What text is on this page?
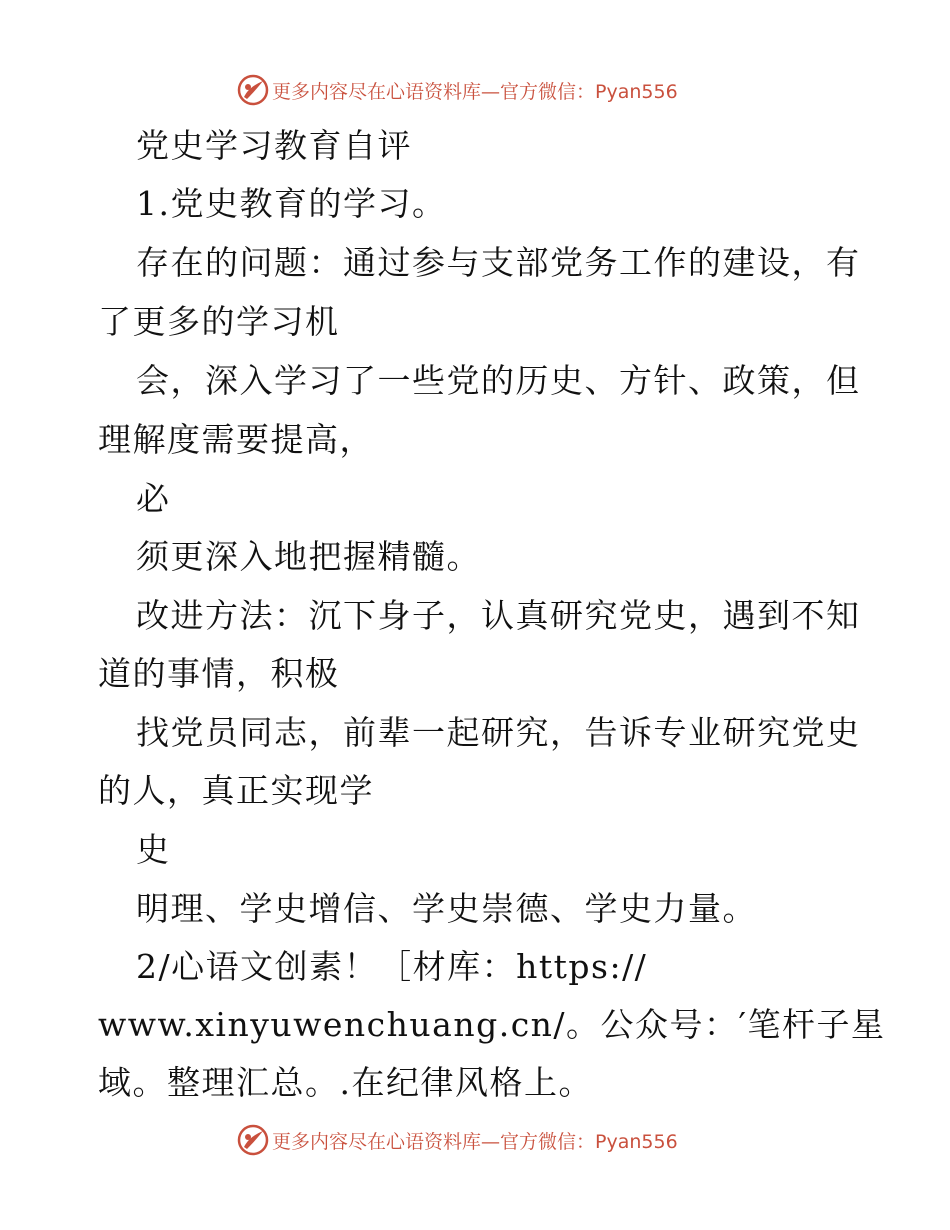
更多内容尽在心语资料库—官方微信：Pyan556
党史学习教育自评
1.党史教育的学习。
存在的问题：通过参与支部党务工作的建设，有
了更多的学习机
会，深入学习了一些党的历史、方针、政策，但
理解度需要提高，
必
须更深入地把握精髓。
改进方法：沉下身子，认真研究党史，遇到不知
道的事情，积极
找党员同志，前辈一起研究，告诉专业研究党史
的人，真正实现学
史
明理、学史增信、学史崇德、学史力量。
2/心语文创素！［材库：https://
www.xinyuwenchuang.cn/。公众号：′笔杆子星
域。整理汇总。.在纪律风格上。
更多内容尽在心语资料库—官方微信：Pyan556
